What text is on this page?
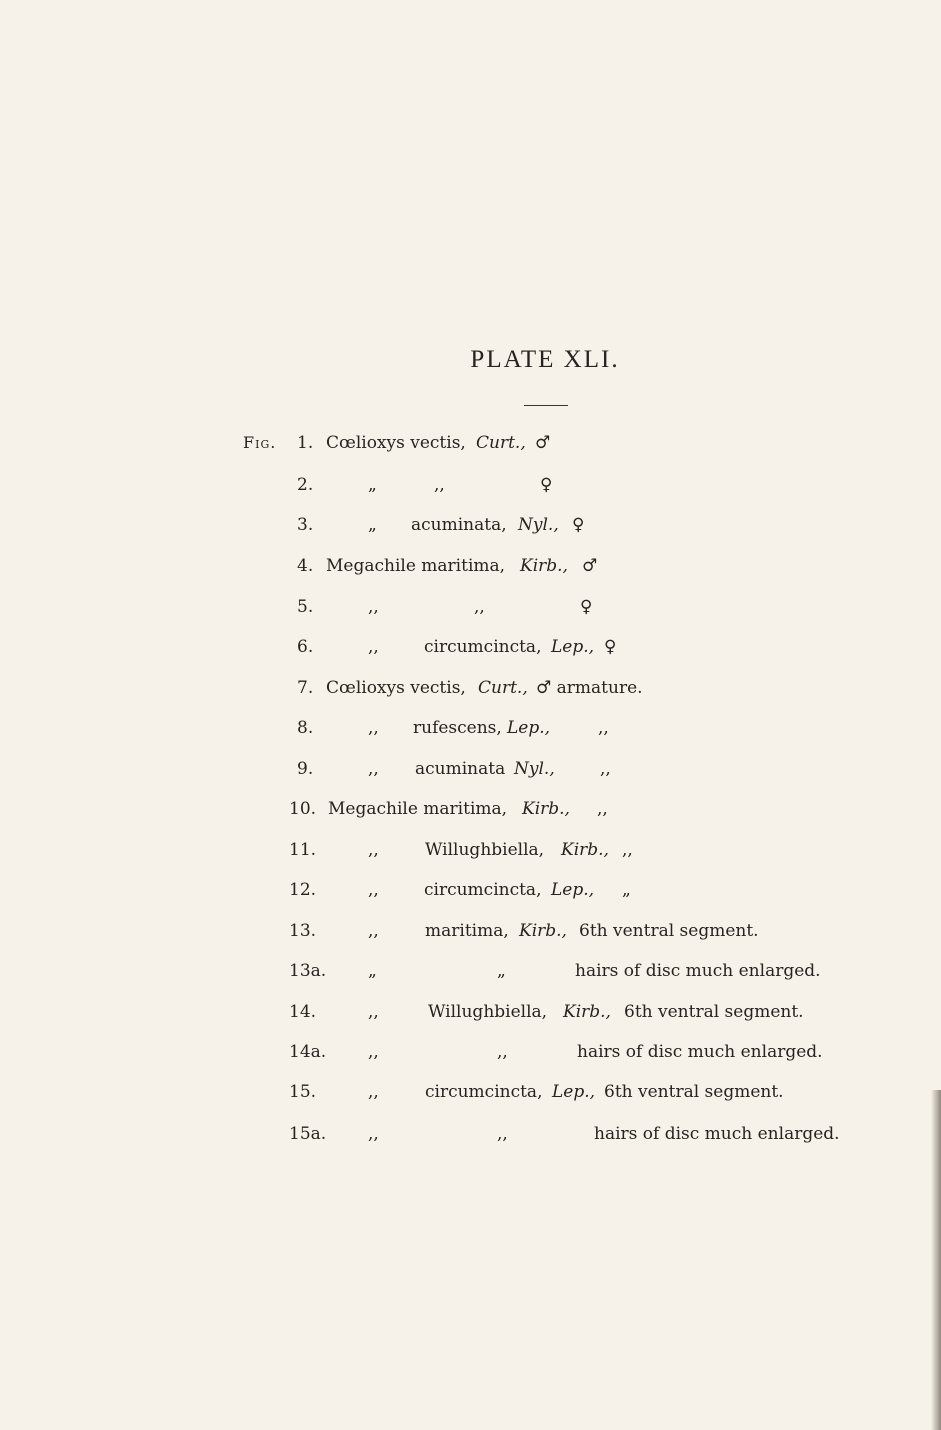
PLATE XLI.
Fig. 1. Cœlioxys vectis, Curt., ♂
2.	„	,,	♀
3.	„ acuminata, Nyl., ♀
4. Megachile maritima, Kirb., ♂
5.	,,	,,	♀
6.	,,	circumcincta, Lep., ♀
7. Cœlioxys vectis, Curt., ♂ armature.
8.	,, rufescens, Lep.,	,,
9.	,, acuminata Nyl.,	,,
10. Megachile maritima, Kirb., ,,
11.	,,	Willughbiella, Kirb., ,,
12.	,,	circumcincta, Lep., „
13.	,,	maritima, Kirb., 6th ventral segment.
13a. „	„	hairs of disc much enlarged.
14.	,,	Willughbiella, Kirb., 6th ventral segment.
14a. ,,	,,	hairs of disc much enlarged.
15.	,,	circumcincta, Lep., 6th ventral segment.
15a. ,,	,,	hairs of disc much enlarged.
